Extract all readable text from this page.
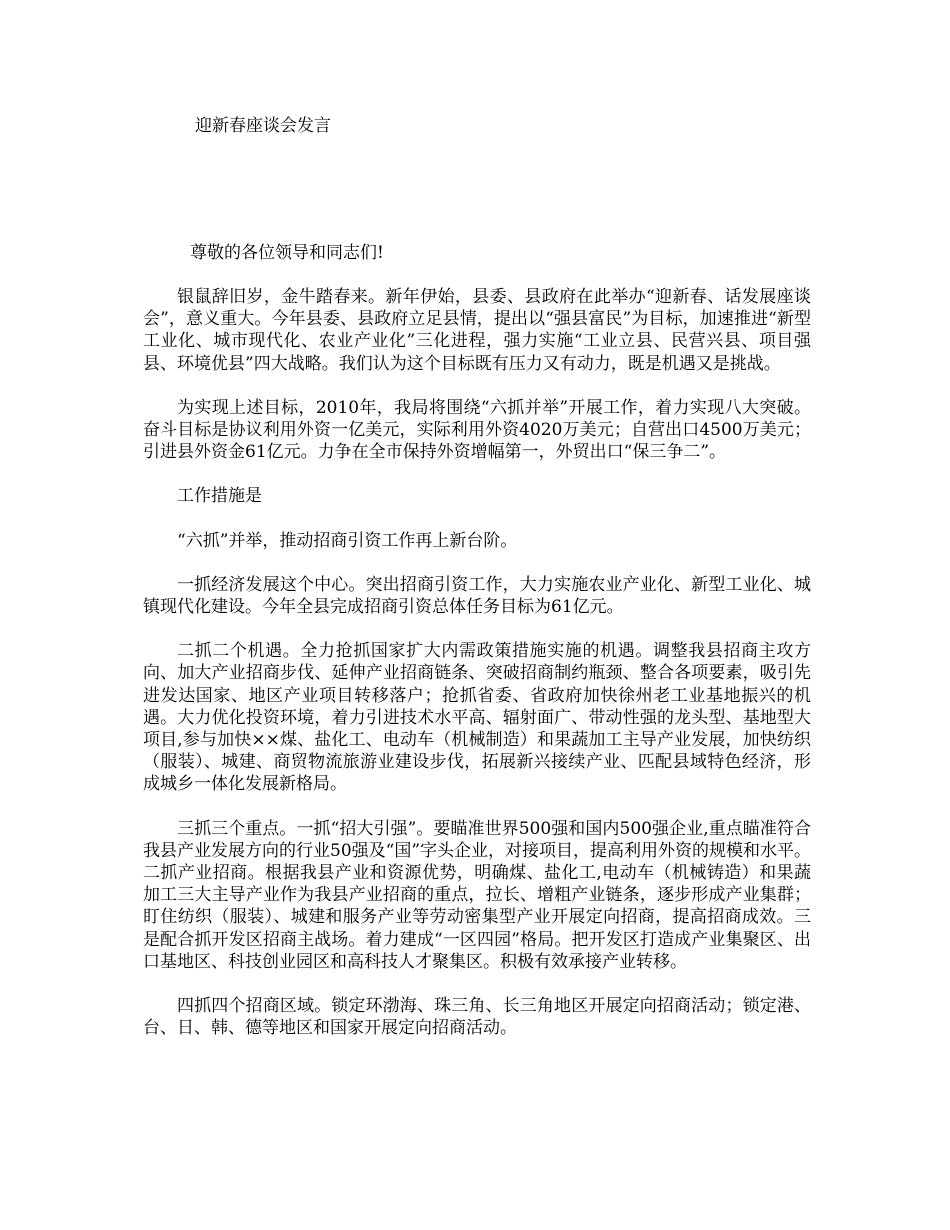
迎新春座谈会发言
尊敬的各位领导和同志们!

银鼠辞旧岁，金牛踏春来。新年伊始，县委、县政府在此举办“迎新春、话发展座谈会”，意义重大。今年县委、县政府立足县情，提出以“强县富民”为目标，加速推进“新型工业化、城市现代化、农业产业化”三化进程，强力实施“工业立县、民营兴县、项目强县、环境优县”四大战略。我们认为这个目标既有压力又有动力，既是机遇又是挑战。

为实现上述目标，2010年，我局将围绕“六抓并举”开展工作，着力实现八大突破。奋斗目标是协议利用外资一亿美元，实际利用外资4020万美元；自营出口4500万美元；引进县外资金61亿元。力争在全市保持外资增幅第一，外贸出口“保三争二”。

工作措施是

“六抓”并举，推动招商引资工作再上新台阶。

一抓经济发展这个中心。突出招商引资工作，大力实施农业产业化、新型工业化、城镇现代化建设。今年全县完成招商引资总体任务目标为61亿元。

二抓二个机遇。全力抢抓国家扩大内需政策措施实施的机遇。调整我县招商主攻方向、加大产业招商步伐、延伸产业招商链条、突破招商制约瓶颈、整合各项要素，吸引先进发达国家、地区产业项目转移落户；抢抓省委、省政府加快徐州老工业基地振兴的机遇。大力优化投资环境，着力引进技术水平高、辐射面广、带动性强的龙头型、基地型大项目,参与加快××煤、盐化工、电动车（机械制造）和果蔬加工主导产业发展，加快纺织（服装）、城建、商贸物流旅游业建设步伐，拓展新兴接续产业、匹配县域特色经济，形成城乡一体化发展新格局。

三抓三个重点。一抓“招大引强”。要瞄准世界500强和国内500强企业,重点瞄准符合我县产业发展方向的行业50强及“国”字头企业，对接项目，提高利用外资的规模和水平。二抓产业招商。根据我县产业和资源优势，明确煤、盐化工,电动车（机械铸造）和果蔬加工三大主导产业作为我县产业招商的重点，拉长、增粗产业链条，逐步形成产业集群；盯住纺织（服装）、城建和服务产业等劳动密集型产业开展定向招商，提高招商成效。三是配合抓开发区招商主战场。着力建成“一区四园”格局。把开发区打造成产业集聚区、出口基地区、科技创业园区和高科技人才聚集区。积极有效承接产业转移。

四抓四个招商区域。锁定环渤海、珠三角、长三角地区开展定向招商活动；锁定港、台、日、韩、德等地区和国家开展定向招商活动。
